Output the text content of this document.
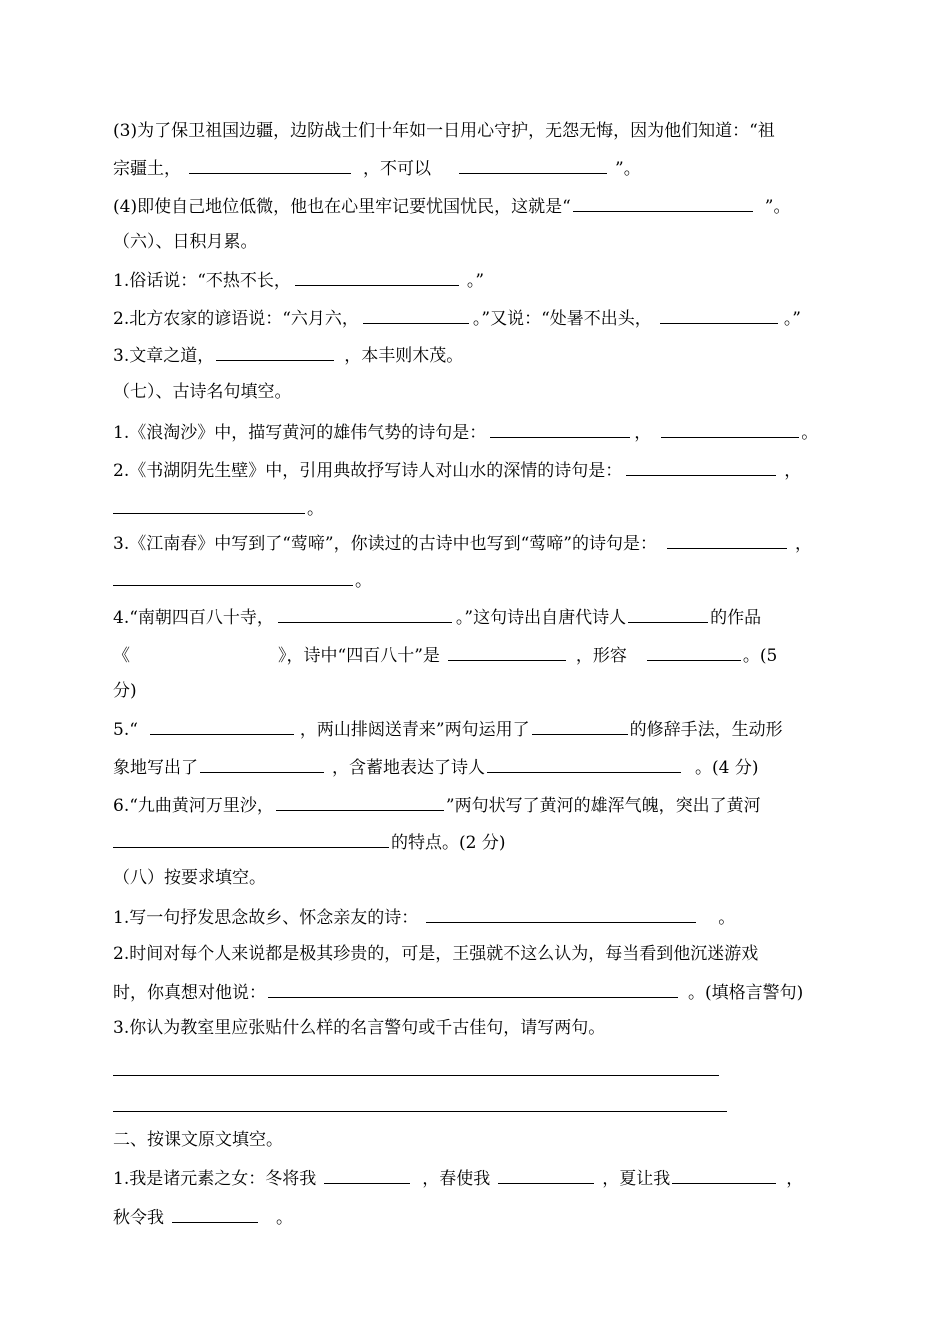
(3)为了保卫祖国边疆，边防战士们十年如一日用心守护，无怨无悔，因为他们知道：“祖
宗疆土，	，不可以	”。
(4)即使自己地位低微，他也在心里牢记要忧国忧民，这就是“	”。
（六）、日积月累。
1.俗话说：“不热不长，	。”
2.北方农家的谚语说：“六月六，	。”又说：“处暑不出头，	。”
3.文章之道，	，本丰则木茂。
（七）、古诗名句填空。
1.《浪淘沙》中，描写黄河的雄伟气势的诗句是：	，	。
2.《书湖阴先生壁》中，引用典故抒写诗人对山水的深情的诗句是：	，
。
3.《江南春》中写到了“莺啼”，你读过的古诗中也写到“莺啼”的诗句是：	，
。
4.“南朝四百八十寺，	。”这句诗出自唐代诗人	的作品
《	》，诗中“四百八十”是	，形容	。(5
分)
5.“	，两山排闼送青来”两句运用了	的修辞手法，生动形
象地写出了	，含蓄地表达了诗人	。(4 分)
6.“九曲黄河万里沙，	”两句状写了黄河的雄浑气魄，突出了黄河
的特点。(2 分)
（八）按要求填空。
1.写一句抒发思念故乡、怀念亲友的诗：	。
2.时间对每个人来说都是极其珍贵的，可是，王强就不这么认为，每当看到他沉迷游戏
时，你真想对他说：	。(填格言警句)
3.你认为教室里应张贴什么样的名言警句或千古佳句，请写两句。
二、按课文原文填空。
1.我是诸元素之女：冬将我	，春使我	，夏让我	，
秋令我	。
